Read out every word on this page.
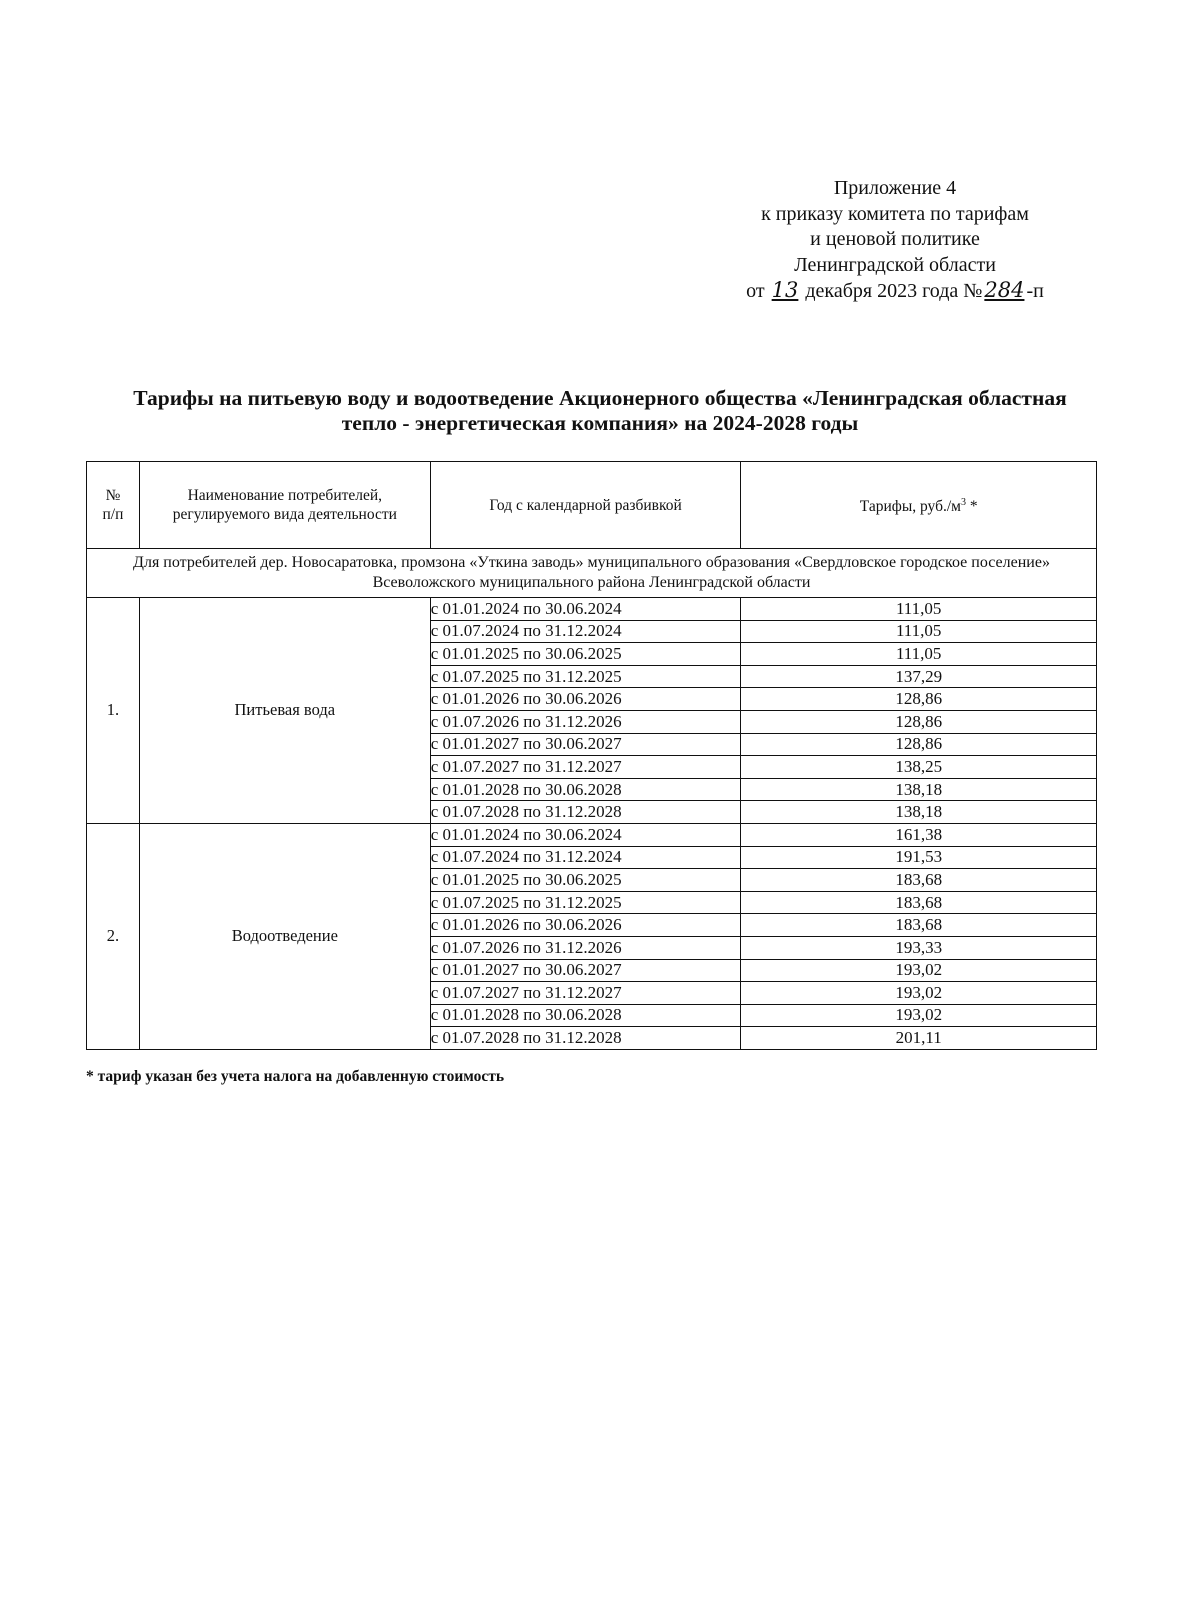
Приложение 4
к приказу комитета по тарифам
и ценовой политике
Ленинградской области
от 13 декабря 2023 года №284 -п
Тарифы на питьевую воду и водоотведение Акционерного общества «Ленинградская областная
тепло - энергетическая компания» на 2024-2028 годы
№
п/п	Наименование потребителей, регулируемого вида деятельности	Год с календарной разбивкой	Тарифы, $руб./м^3$ *
Для потребителей дер. Новосаратовка, промзона «Уткина заводь» муниципального образования «Свердловское городское поселение» Всеволожского муниципального района Ленинградской области			
1.	Питьевая вода	с 01.01.2024 по 30.06.2024	111,05
		с 01.07.2024 по 31.12.2024	111,05
		с 01.01.2025 по 30.06.2025	111,05
		с 01.07.2025 по 31.12.2025	137,29
		с 01.01.2026 по 30.06.2026	128,86
		с 01.07.2026 по 31.12.2026	128,86
		с 01.01.2027 по 30.06.2027	128,86
		с 01.07.2027 по 31.12.2027	138,25
		с 01.01.2028 по 30.06.2028	138,18
		с 01.07.2028 по 31.12.2028	138,18
2.	Водоотведение	с 01.01.2024 по 30.06.2024	161,38
		с 01.07.2024 по 31.12.2024	191,53
		с 01.01.2025 по 30.06.2025	183,68
		с 01.07.2025 по 31.12.2025	183,68
		с 01.01.2026 по 30.06.2026	183,68
		с 01.07.2026 по 31.12.2026	193,33
		с 01.01.2027 по 30.06.2027	193,02
		с 01.07.2027 по 31.12.2027	193,02
		с 01.01.2028 по 30.06.2028	193,02
		с 01.07.2028 по 31.12.2028	201,11
* тариф указан без учета налога на добавленную стоимость
